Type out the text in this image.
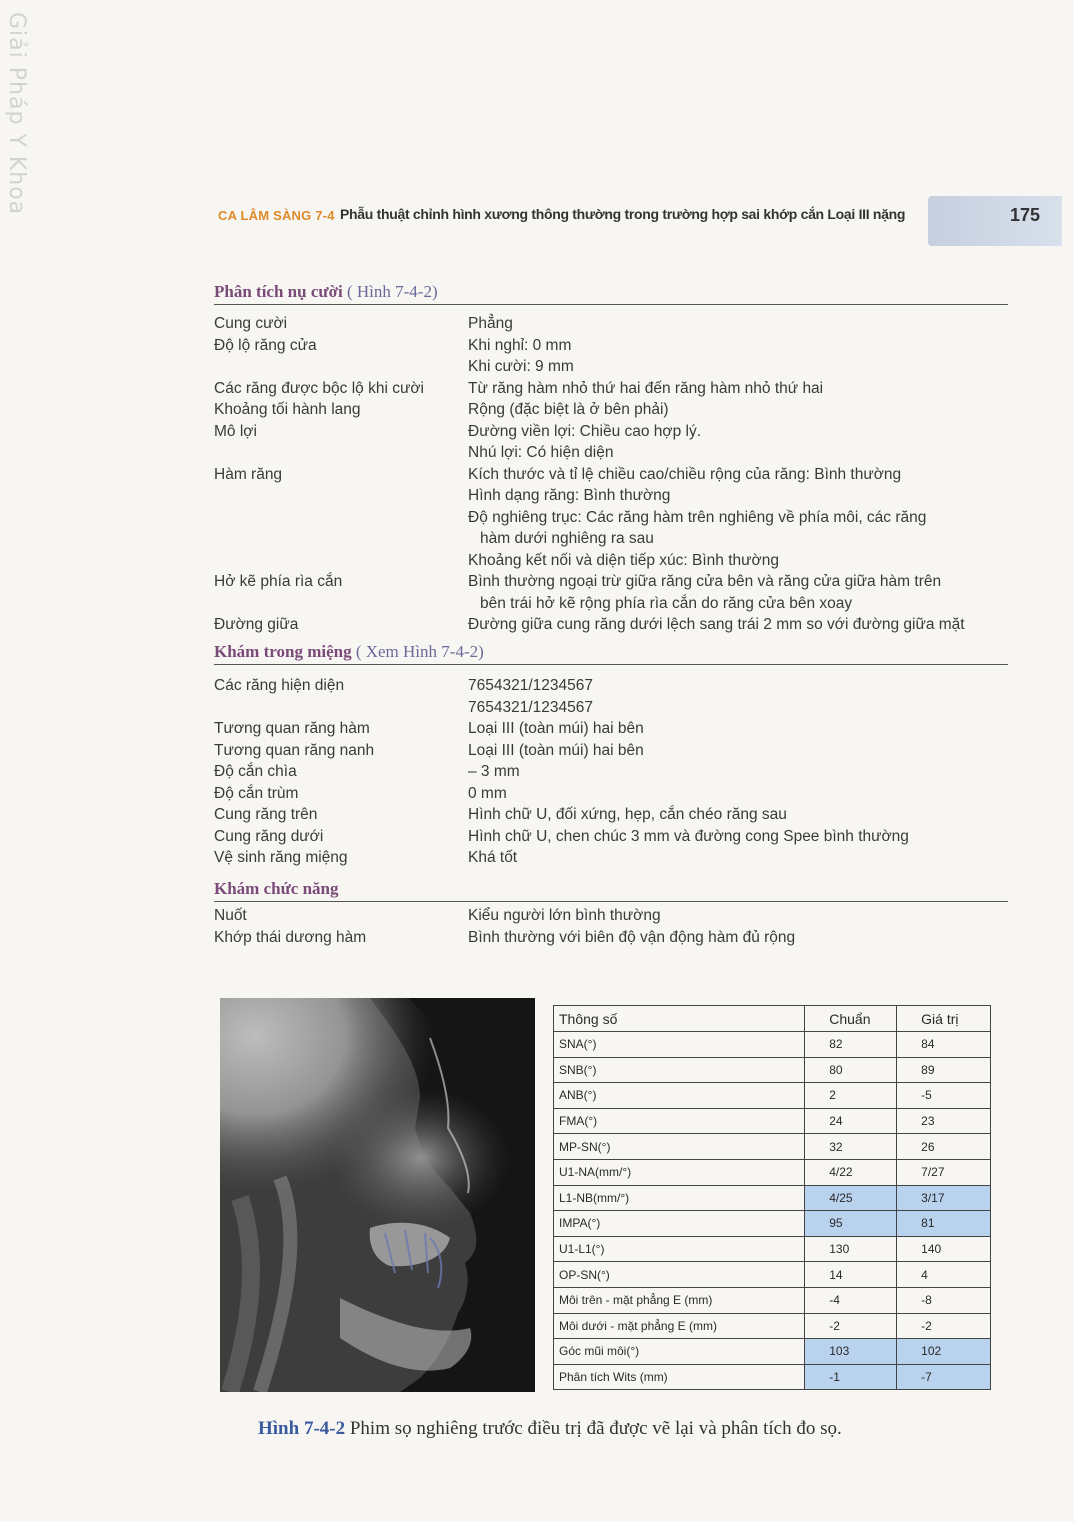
Giải Pháp Y Khoa
CA LÂM SÀNG 7-4 Phẫu thuật chỉnh hình xương thông thường trong trường hợp sai khớp cắn Loại III nặng	175
Phân tích nụ cười ( Hình 7-4-2)
Cung cười	Phẳng
Độ lộ răng cửa	Khi nghỉ: 0 mm
Khi cười: 9 mm
Các răng được bộc lộ khi cười	Từ răng hàm nhỏ thứ hai đến răng hàm nhỏ thứ hai
Khoảng tối hành lang	Rộng (đặc biệt là ở bên phải)
Mô lợi	Đường viền lợi: Chiều cao hợp lý.
Nhú lợi: Có hiện diện
Hàm răng	Kích thước và tỉ lệ chiều cao/chiều rộng của răng: Bình thường
Hình dạng răng: Bình thường
Độ nghiêng trục: Các răng hàm trên nghiêng về phía môi, các răng
hàm dưới nghiêng ra sau
Khoảng kết nối và diện tiếp xúc: Bình thường
Hở kẽ phía rìa cắn	Bình thường ngoại trừ giữa răng cửa bên và răng cửa giữa hàm trên
bên trái hở kẽ rộng phía rìa cắn do răng cửa bên xoay
Đường giữa	Đường giữa cung răng dưới lệch sang trái 2 mm so với đường giữa mặt
Khám trong miệng ( Xem Hình 7-4-2)
Các răng hiện diện	7654321/1234567
7654321/1234567
Tương quan răng hàm	Loại III (toàn múi) hai bên
Tương quan răng nanh	Loại III (toàn múi) hai bên
Độ cắn chìa	– 3 mm
Độ cắn trùm	0 mm
Cung răng trên	Hình chữ U, đối xứng, hẹp, cắn chéo răng sau
Cung răng dưới	Hình chữ U, chen chúc 3 mm và đường cong Spee bình thường
Vệ sinh răng miệng	Khá tốt
Khám chức năng
Nuốt	Kiểu người lớn bình thường
Khớp thái dương hàm	Bình thường với biên độ vận động hàm đủ rộng
Thông số	Chuẩn	Giá trị
SNA(°)	82	84
SNB(°)	80	89
ANB(°)	2	-5
FMA(°)	24	23
MP-SN(°)	32	26
U1-NA(mm/°)	4/22	7/27
L1-NB(mm/°)	4/25	3/17
IMPA(°)	95	81
U1-L1(°)	130	140
OP-SN(°)	14	4
Môi trên - mặt phẳng E (mm)	-4	-8
Môi dưới - mặt phẳng E (mm)	-2	-2
Góc mũi môi(°)	103	102
Phân tích Wits (mm)	-1	-7
Hình 7-4-2 Phim sọ nghiêng trước điều trị đã được vẽ lại và phân tích đo sọ.
